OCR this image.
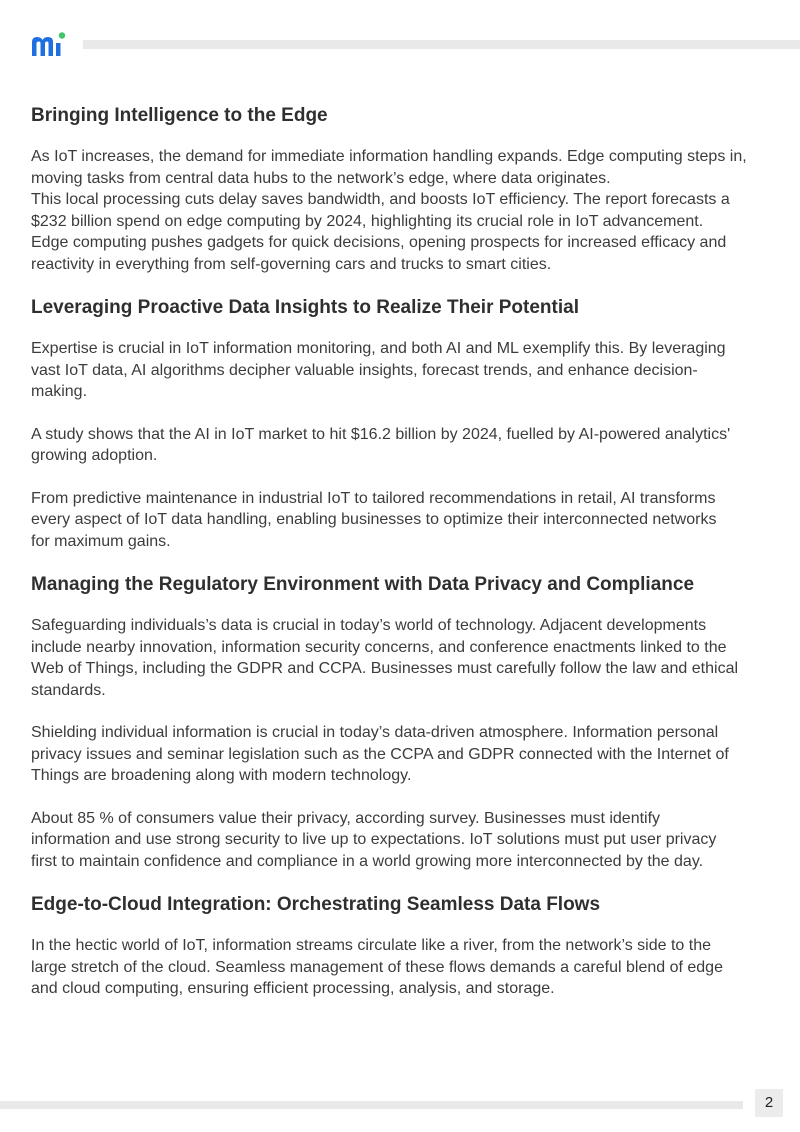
Bringing Intelligence to the Edge

As IoT increases, the demand for immediate information handling expands. Edge computing steps in,
moving tasks from central data hubs to the network’s edge, where data originates.
This local processing cuts delay saves bandwidth, and boosts IoT efficiency. The report forecasts a
$232 billion spend on edge computing by 2024, highlighting its crucial role in IoT advancement.
Edge computing pushes gadgets for quick decisions, opening prospects for increased efficacy and
reactivity in everything from self-governing cars and trucks to smart cities.

Leveraging Proactive Data Insights to Realize Their Potential

Expertise is crucial in IoT information monitoring, and both AI and ML exemplify this. By leveraging
vast IoT data, AI algorithms decipher valuable insights, forecast trends, and enhance decision-
making.

A study shows that the AI in IoT market to hit $16.2 billion by 2024, fuelled by AI-powered analytics'
growing adoption.

From predictive maintenance in industrial IoT to tailored recommendations in retail, AI transforms
every aspect of IoT data handling, enabling businesses to optimize their interconnected networks
for maximum gains.

Managing the Regulatory Environment with Data Privacy and Compliance

Safeguarding individuals’s data is crucial in today’s world of technology. Adjacent developments
include nearby innovation, information security concerns, and conference enactments linked to the
Web of Things, including the GDPR and CCPA. Businesses must carefully follow the law and ethical
standards.

Shielding individual information is crucial in today’s data-driven atmosphere. Information personal
privacy issues and seminar legislation such as the CCPA and GDPR connected with the Internet of
Things are broadening along with modern technology.

About 85 % of consumers value their privacy, according survey. Businesses must identify
information and use strong security to live up to expectations. IoT solutions must put user privacy
first to maintain confidence and compliance in a world growing more interconnected by the day.

Edge-to-Cloud Integration: Orchestrating Seamless Data Flows

In the hectic world of IoT, information streams circulate like a river, from the network’s side to the
large stretch of the cloud. Seamless management of these flows demands a careful blend of edge
and cloud computing, ensuring efficient processing, analysis, and storage.

2
